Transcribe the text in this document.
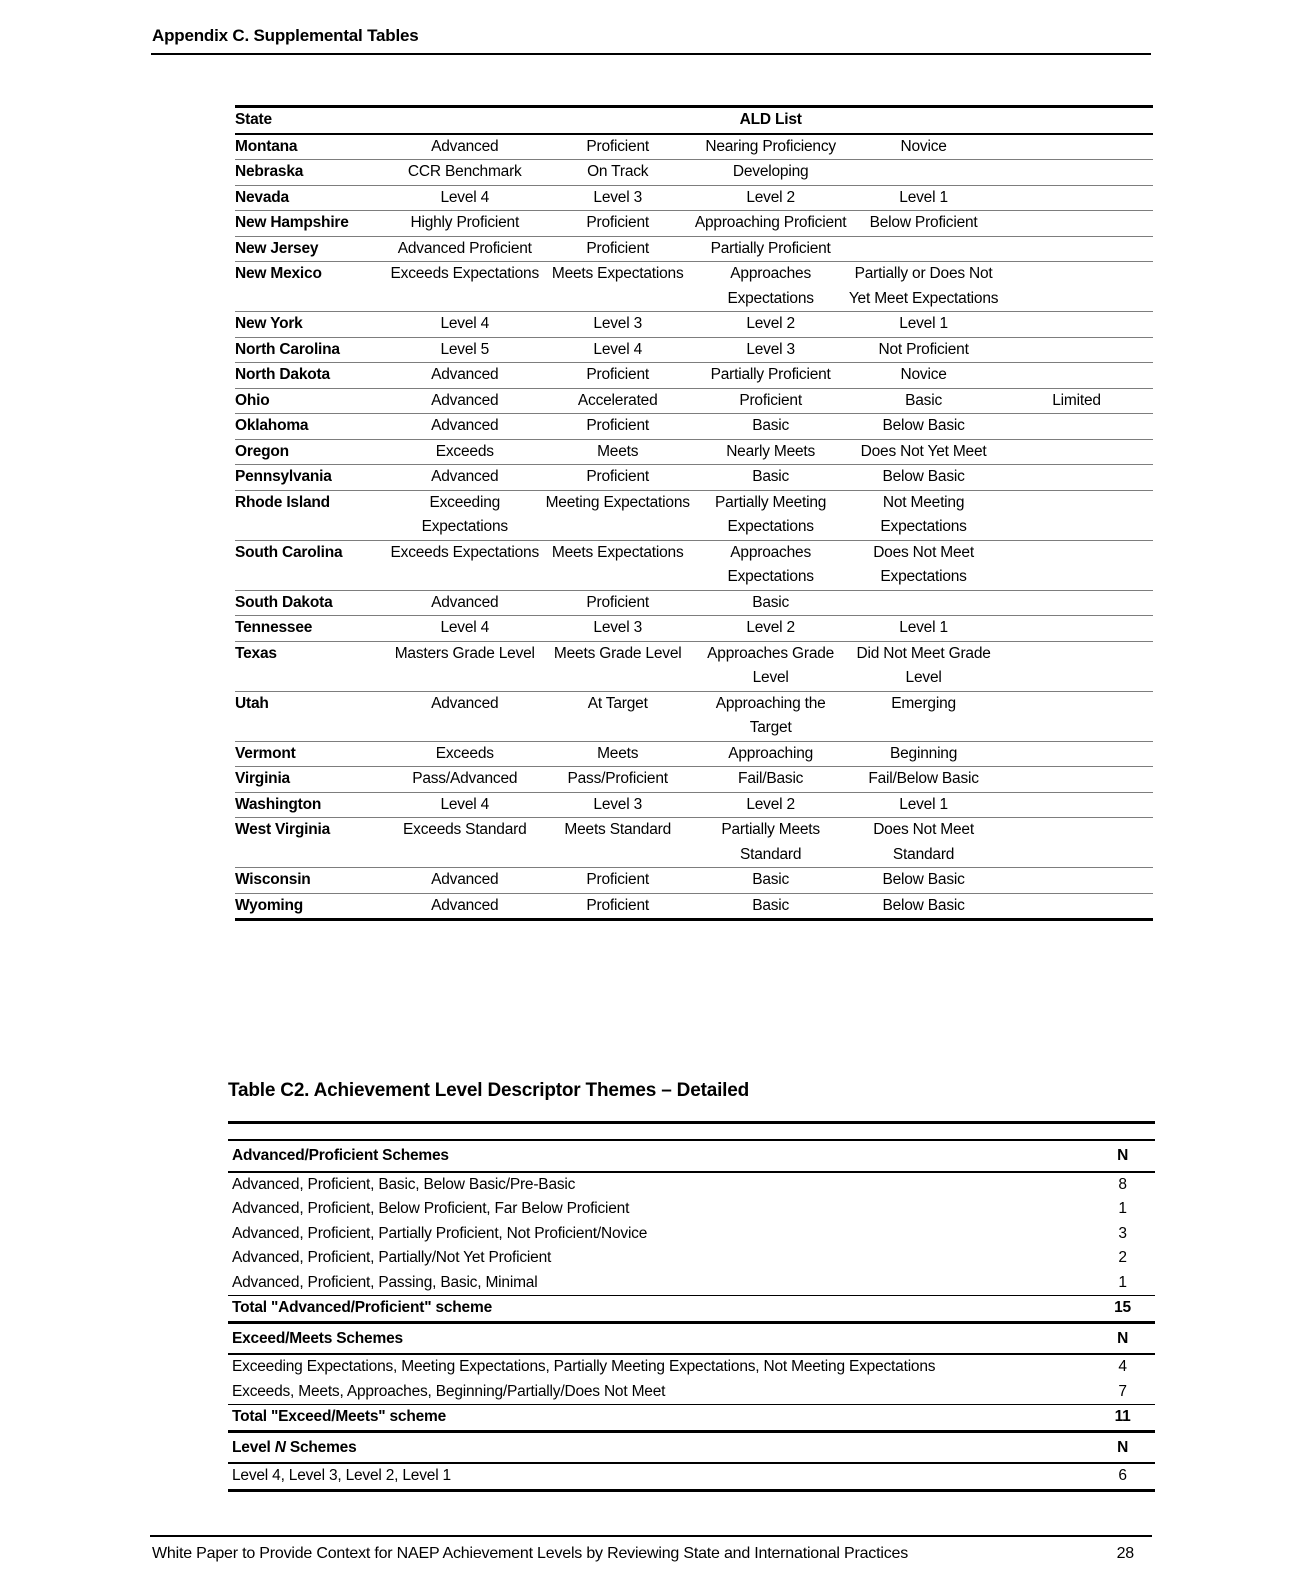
Appendix C. Supplemental Tables
State	ALD List				
Montana	Advanced	Proficient	Nearing Proficiency	Novice	
Nebraska	CCR Benchmark	On Track	Developing		
Nevada	Level 4	Level 3	Level 2	Level 1	
New Hampshire	Highly Proficient	Proficient	Approaching Proficient	Below Proficient	
New Jersey	Advanced Proficient	Proficient	Partially Proficient		
New Mexico	Exceeds Expectations	Meets Expectations	Approaches Expectations	Partially or Does Not Yet Meet Expectations	
New York	Level 4	Level 3	Level 2	Level 1	
North Carolina	Level 5	Level 4	Level 3	Not Proficient	
North Dakota	Advanced	Proficient	Partially Proficient	Novice	
Ohio	Advanced	Accelerated	Proficient	Basic	Limited
Oklahoma	Advanced	Proficient	Basic	Below Basic	
Oregon	Exceeds	Meets	Nearly Meets	Does Not Yet Meet	
Pennsylvania	Advanced	Proficient	Basic	Below Basic	
Rhode Island	Exceeding Expectations	Meeting Expectations	Partially Meeting Expectations	Not Meeting Expectations	
South Carolina	Exceeds Expectations	Meets Expectations	Approaches Expectations	Does Not Meet Expectations	
South Dakota	Advanced	Proficient	Basic		
Tennessee	Level 4	Level 3	Level 2	Level 1	
Texas	Masters Grade Level	Meets Grade Level	Approaches Grade Level	Did Not Meet Grade Level	
Utah	Advanced	At Target	Approaching the Target	Emerging	
Vermont	Exceeds	Meets	Approaching	Beginning	
Virginia	Pass/Advanced	Pass/Proficient	Fail/Basic	Fail/Below Basic	
Washington	Level 4	Level 3	Level 2	Level 1	
West Virginia	Exceeds Standard	Meets Standard	Partially Meets Standard	Does Not Meet Standard	
Wisconsin	Advanced	Proficient	Basic	Below Basic	
Wyoming	Advanced	Proficient	Basic	Below Basic	
Table C2. Achievement Level Descriptor Themes – Detailed
Advanced/Proficient Schemes	N
Advanced, Proficient, Basic, Below Basic/Pre-Basic	8
Advanced, Proficient, Below Proficient, Far Below Proficient	1
Advanced, Proficient, Partially Proficient, Not Proficient/Novice	3
Advanced, Proficient, Partially/Not Yet Proficient	2
Advanced, Proficient, Passing, Basic, Minimal	1
Total "Advanced/Proficient" scheme	15
Exceed/Meets Schemes	N
Exceeding Expectations, Meeting Expectations, Partially Meeting Expectations, Not Meeting Expectations	4
Exceeds, Meets, Approaches, Beginning/Partially/Does Not Meet	7
Total "Exceed/Meets" scheme	11
Level N Schemes	N
Level 4, Level 3, Level 2, Level 1	6
White Paper to Provide Context for NAEP Achievement Levels by Reviewing State and International Practices	28
